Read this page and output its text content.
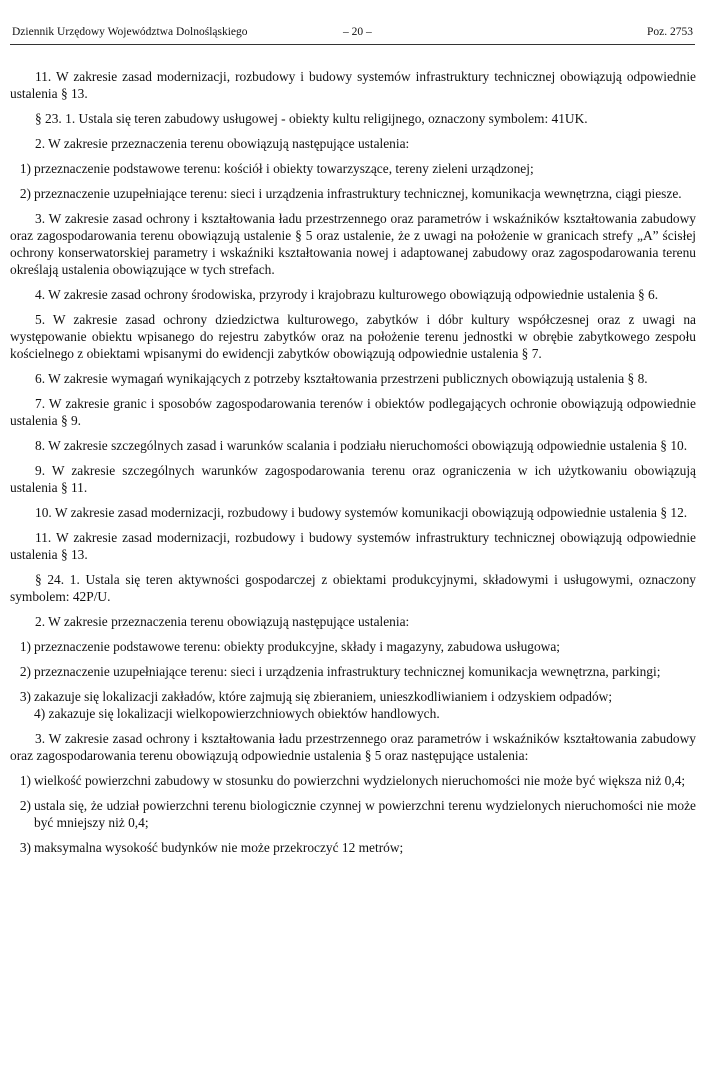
Dziennik Urzędowy Województwa Dolnośląskiego	– 20 –	Poz. 2753
11. W zakresie zasad modernizacji, rozbudowy i budowy systemów infrastruktury technicznej obowiązują odpowiednie ustalenia § 13.
§ 23. 1. Ustala się teren zabudowy usługowej - obiekty kultu religijnego, oznaczony symbolem: 41UK.
2. W zakresie przeznaczenia terenu obowiązują następujące ustalenia:
1) przeznaczenie podstawowe terenu: kościół i obiekty towarzyszące, tereny zieleni urządzonej;
2) przeznaczenie uzupełniające terenu: sieci i urządzenia infrastruktury technicznej, komunikacja wewnętrzna, ciągi piesze.
3. W zakresie zasad ochrony i kształtowania ładu przestrzennego oraz parametrów i wskaźników kształtowania zabudowy oraz zagospodarowania terenu obowiązują ustalenie § 5 oraz ustalenie, że z uwagi na położenie w granicach strefy „A” ścisłej ochrony konserwatorskiej parametry i wskaźniki kształtowania nowej i adaptowanej zabudowy oraz zagospodarowania terenu określają ustalenia obowiązujące w tych strefach.
4. W zakresie zasad ochrony środowiska, przyrody i krajobrazu kulturowego obowiązują odpowiednie ustalenia § 6.
5. W zakresie zasad ochrony dziedzictwa kulturowego, zabytków i dóbr kultury współczesnej oraz z uwagi na występowanie obiektu wpisanego do rejestru zabytków oraz na położenie terenu jednostki w obrębie zabytkowego zespołu kościelnego z obiektami wpisanymi do ewidencji zabytków obowiązują odpowiednie ustalenia § 7.
6. W zakresie wymagań wynikających z potrzeby kształtowania przestrzeni publicznych obowiązują ustalenia § 8.
7. W zakresie granic i sposobów zagospodarowania terenów i obiektów podlegających ochronie obowiązują odpowiednie ustalenia § 9.
8. W zakresie szczególnych zasad i warunków scalania i podziału nieruchomości obowiązują odpowiednie ustalenia § 10.
9. W zakresie szczególnych warunków zagospodarowania terenu oraz ograniczenia w ich użytkowaniu obowiązują ustalenia § 11.
10. W zakresie zasad modernizacji, rozbudowy i budowy systemów komunikacji obowiązują odpowiednie ustalenia § 12.
11. W zakresie zasad modernizacji, rozbudowy i budowy systemów infrastruktury technicznej obowiązują odpowiednie ustalenia § 13.
§ 24. 1. Ustala się teren aktywności gospodarczej z obiektami produkcyjnymi, składowymi i usługowymi, oznaczony symbolem: 42P/U.
2. W zakresie przeznaczenia terenu obowiązują następujące ustalenia:
1) przeznaczenie podstawowe terenu: obiekty produkcyjne, składy i magazyny, zabudowa usługowa;
2) przeznaczenie uzupełniające terenu: sieci i urządzenia infrastruktury technicznej komunikacja wewnętrzna, parkingi;
3) zakazuje się lokalizacji zakładów, które zajmują się zbieraniem, unieszkodliwianiem i odzyskiem odpadów;
4) zakazuje się lokalizacji wielkopowierzchniowych obiektów handlowych.
3. W zakresie zasad ochrony i kształtowania ładu przestrzennego oraz parametrów i wskaźników kształtowania zabudowy oraz zagospodarowania terenu obowiązują odpowiednie ustalenia § 5 oraz następujące ustalenia:
1) wielkość powierzchni zabudowy w stosunku do powierzchni wydzielonych nieruchomości nie może być większa niż 0,4;
2) ustala się, że udział powierzchni terenu biologicznie czynnej w powierzchni terenu wydzielonych nieruchomości nie może być mniejszy niż 0,4;
3) maksymalna wysokość budynków nie może przekroczyć 12 metrów;
